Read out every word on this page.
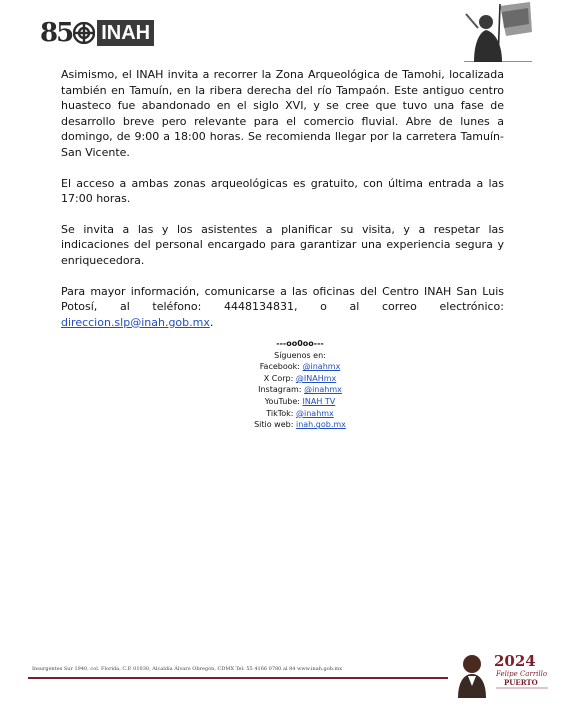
85 INAH

Asimismo, el INAH invita a recorrer la Zona Arqueológica de Tamohi, localizada también en Tamuín, en la ribera derecha del río Tampaón. Este antiguo centro huasteco fue abandonado en el siglo XVI, y se cree que tuvo una fase de desarrollo breve pero relevante para el comercio fluvial. Abre de lunes a domingo, de 9:00 a 18:00 horas. Se recomienda llegar por la carretera Tamuín-San Vicente.

El acceso a ambas zonas arqueológicas es gratuito, con última entrada a las 17:00 horas.

Se invita a las y los asistentes a planificar su visita, y a respetar las indicaciones del personal encargado para garantizar una experiencia segura y enriquecedora.

Para mayor información, comunicarse a las oficinas del Centro INAH San Luis Potosí, al teléfono: 4448134831, o al correo electrónico: direccion.slp@inah.gob.mx.

---oo0oo---
Síguenos en:
Facebook: @inahmx
X Corp: @INAHmx
Instagram: @inahmx
YouTube: INAH TV
TikTok: @inahmx
Sitio web: inah.gob.mx
Insurgentes Sur 1940, col. Florida, C.P. 01030, Alcaldía Álvaro Obregón, CDMX Tel: 55 4166 0780 al 84 www.inah.gob.mx	2024
Felipe Carrillo
PUERTO
